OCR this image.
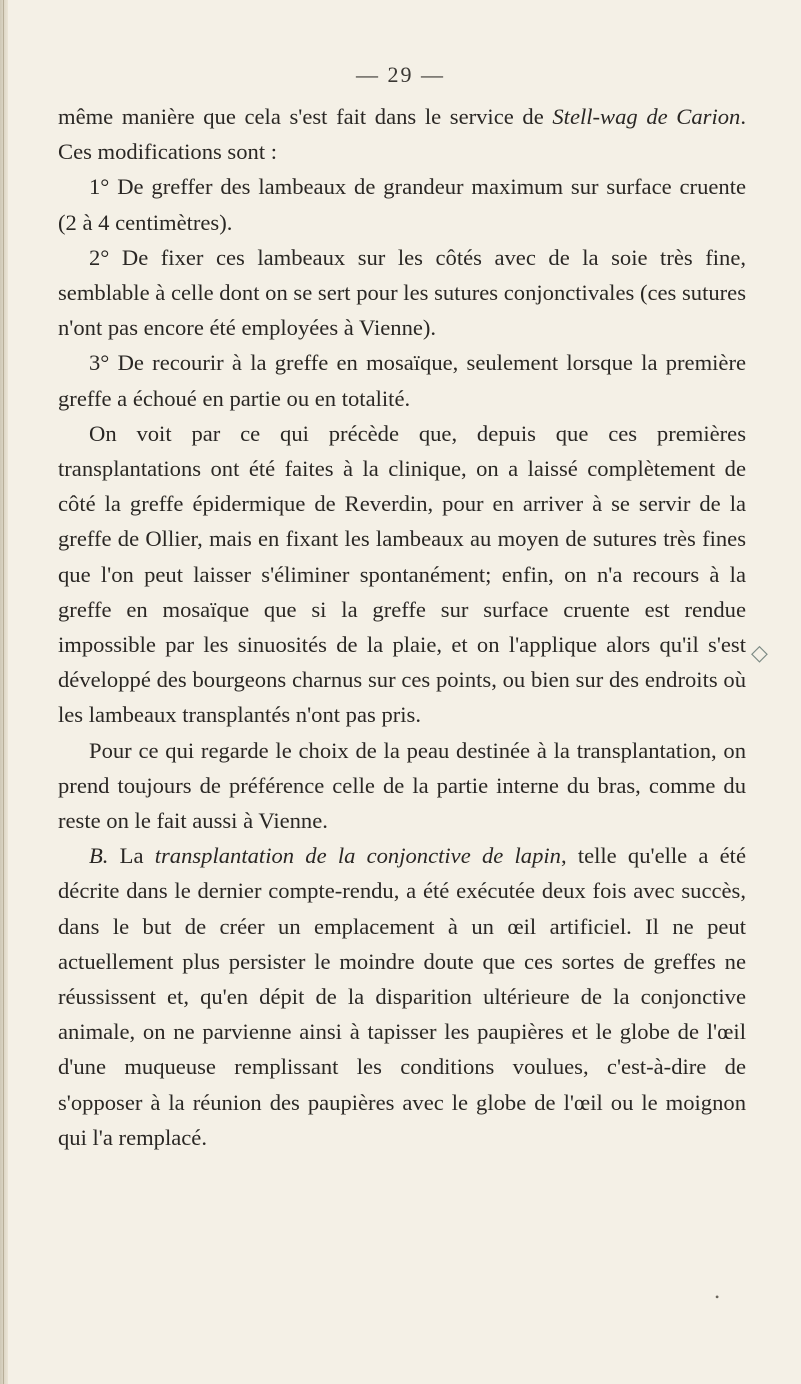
— 29 —

même manière que cela s'est fait dans le service de Stell-wag de Carion. Ces modifications sont :

1° De greffer des lambeaux de grandeur maximum sur surface cruente (2 à 4 centimètres).

2° De fixer ces lambeaux sur les côtés avec de la soie très fine, semblable à celle dont on se sert pour les sutures conjonctivales (ces sutures n'ont pas encore été employées à Vienne).

3° De recourir à la greffe en mosaïque, seulement lorsque la première greffe a échoué en partie ou en totalité.

On voit par ce qui précède que, depuis que ces premières transplantations ont été faites à la clinique, on a laissé complètement de côté la greffe épidermique de Reverdin, pour en arriver à se servir de la greffe de Ollier, mais en fixant les lambeaux au moyen de sutures très fines que l'on peut laisser s'éliminer spontanément; enfin, on n'a recours à la greffe en mosaïque que si la greffe sur surface cruente est rendue impossible par les sinuosités de la plaie, et on l'applique alors qu'il s'est développé des bourgeons charnus sur ces points, ou bien sur des endroits où les lambeaux transplantés n'ont pas pris.

Pour ce qui regarde le choix de la peau destinée à la transplantation, on prend toujours de préférence celle de la partie interne du bras, comme du reste on le fait aussi à Vienne.

B. La transplantation de la conjonctive de lapin, telle qu'elle a été décrite dans le dernier compte-rendu, a été exécutée deux fois avec succès, dans le but de créer un emplacement à un œil artificiel. Il ne peut actuellement plus persister le moindre doute que ces sortes de greffes ne réussissent et, qu'en dépit de la disparition ultérieure de la conjonctive animale, on ne parvienne ainsi à tapisser les paupières et le globe de l'œil d'une muqueuse remplissant les conditions voulues, c'est-à-dire de s'opposer à la réunion des paupières avec le globe de l'œil ou le moignon qui l'a remplacé.

◇
•
